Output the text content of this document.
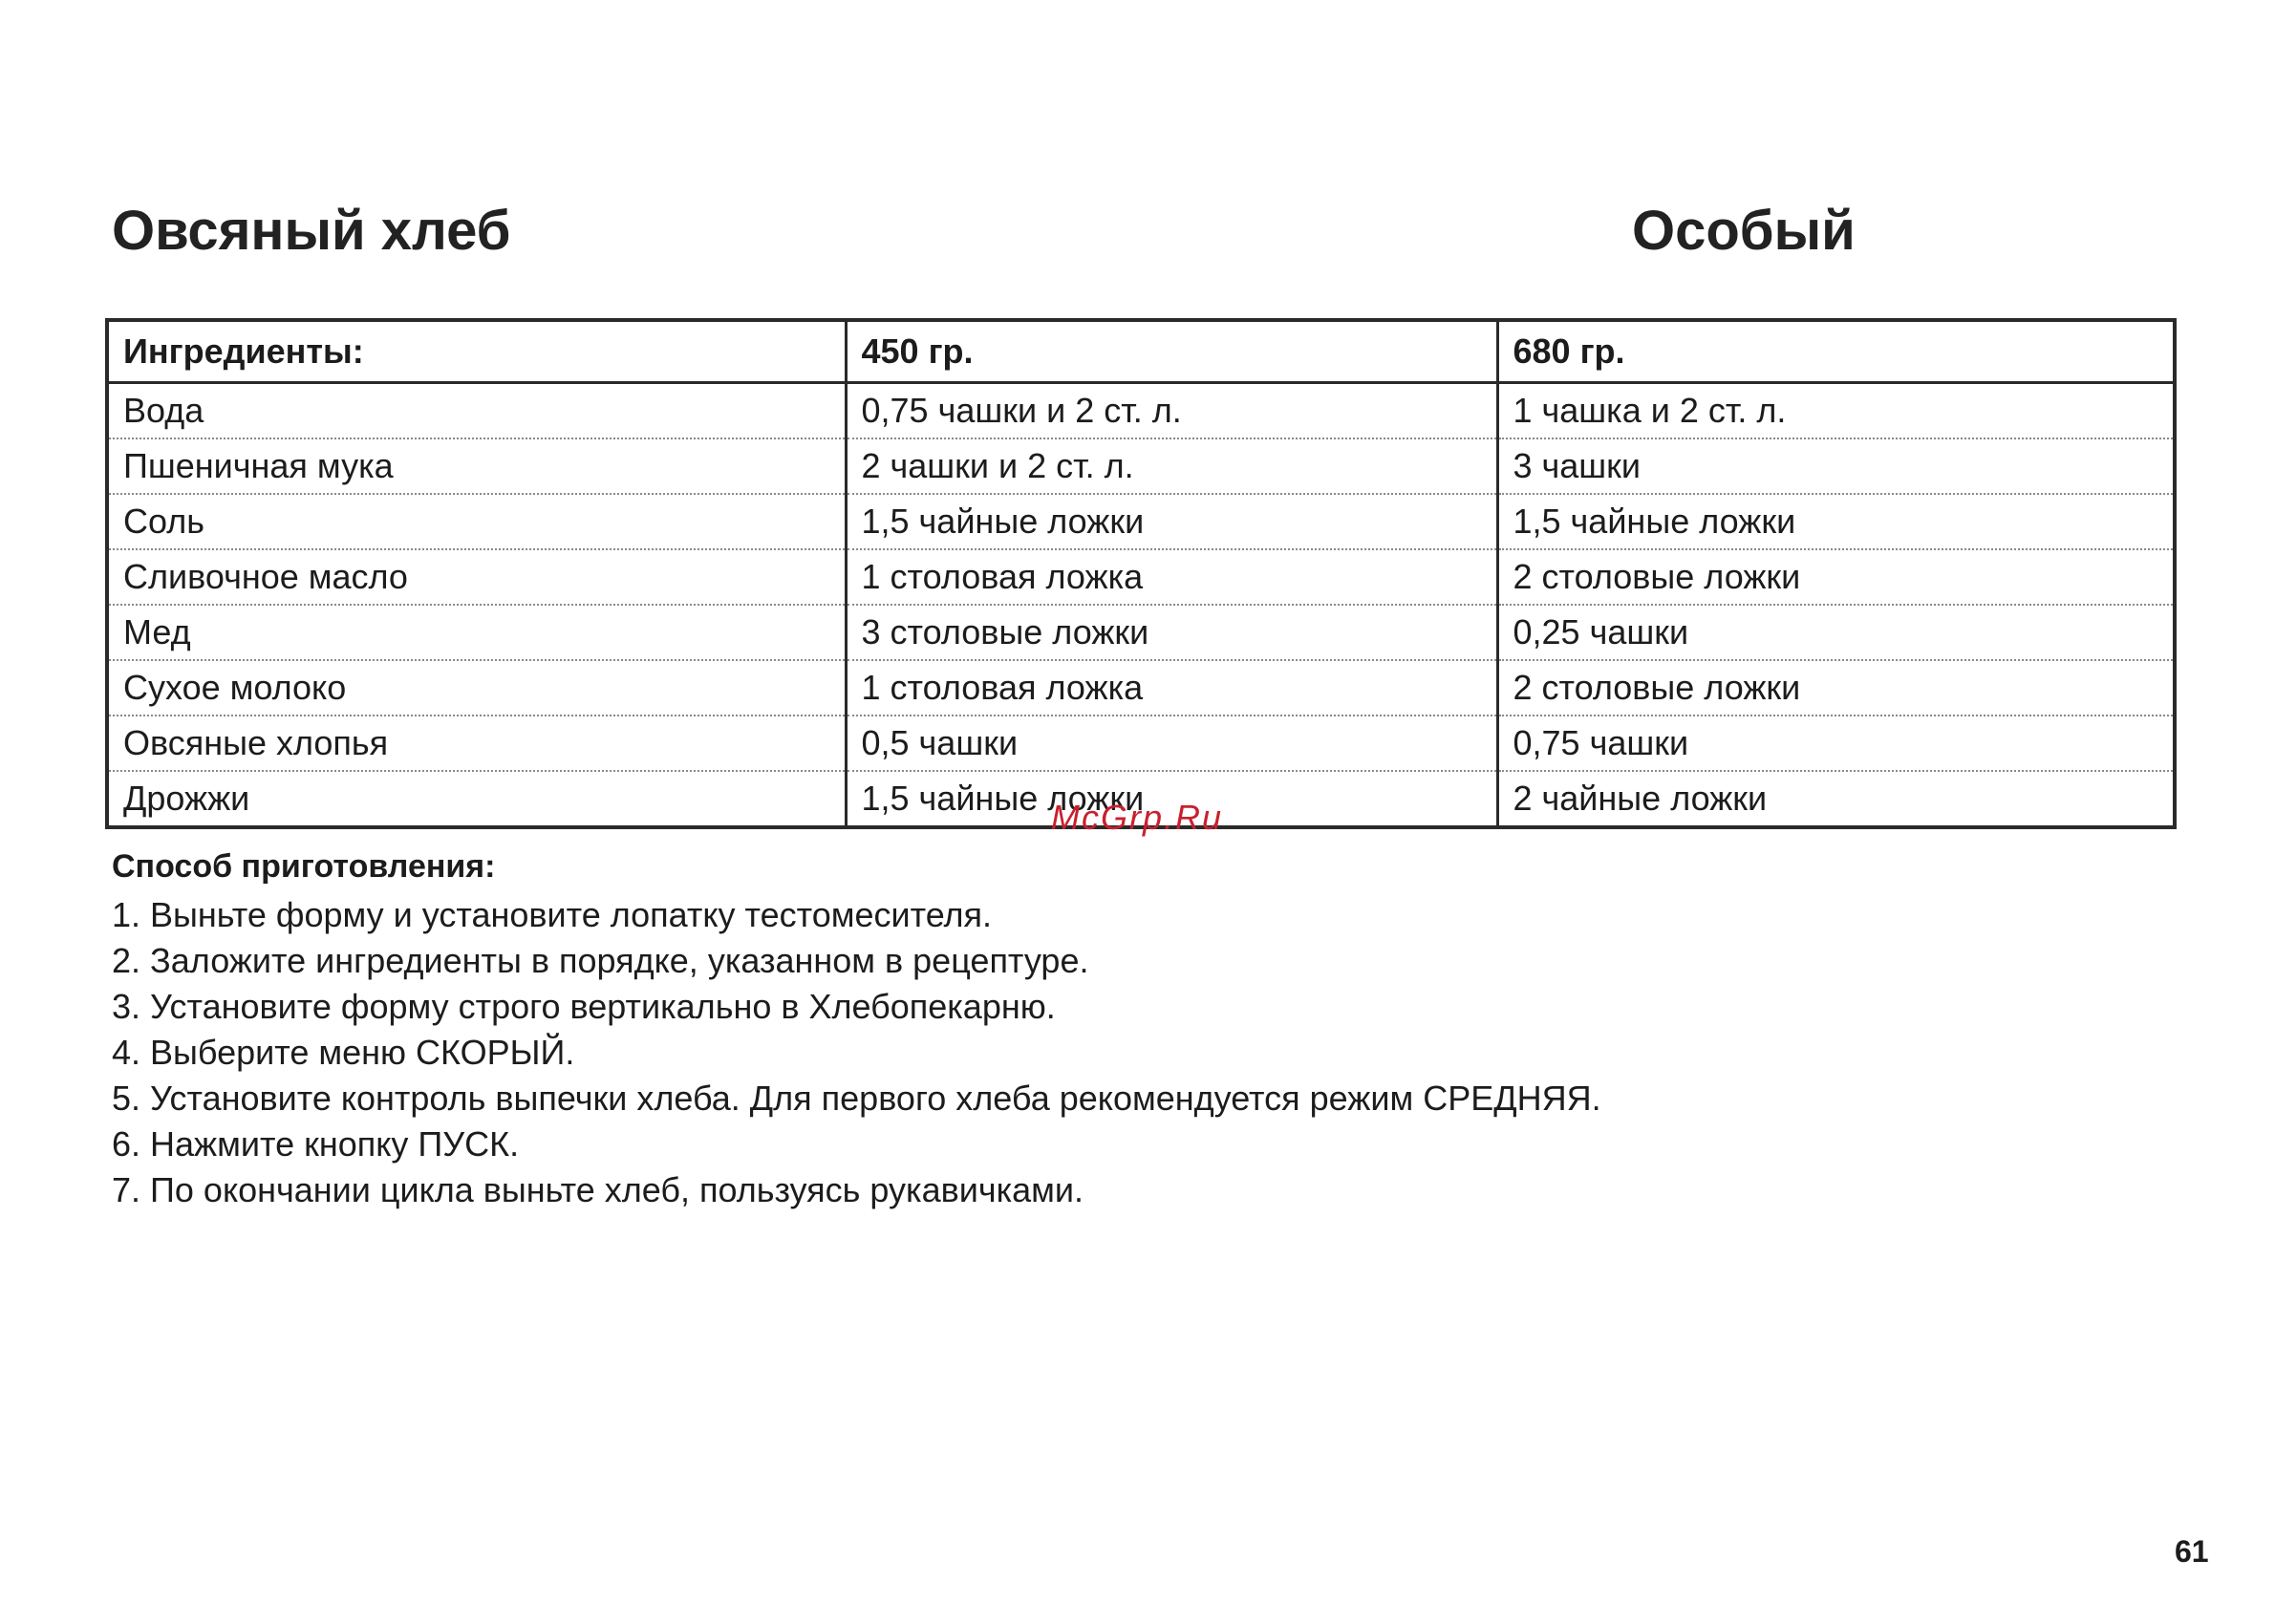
Овсяный хлеб	Особый
Ингредиенты:	450 гр.	680 гр.
Вода	0,75 чашки и 2 ст. л.	1 чашка и 2 ст. л.
Пшеничная мука	2 чашки и 2 ст. л.	3 чашки
Соль	1,5 чайные ложки	1,5 чайные ложки
Сливочное масло	1 столовая ложка	2 столовые ложки
Мед	3 столовые ложки	0,25 чашки
Сухое молоко	1 столовая ложка	2 столовые ложки
Овсяные хлопья	0,5 чашки	0,75 чашки
Дрожжи	1,5 чайные ложки	2 чайные ложки
McGrp.Ru
Способ приготовления:
1. Выньте форму и установите лопатку тестомесителя.
2. Заложите ингредиенты в порядке, указанном в рецептуре.
3. Установите форму строго вертикально в Хлебопекарню.
4. Выберите меню СКОРЫЙ.
5. Установите контроль выпечки хлеба. Для первого хлеба рекомендуется режим СРЕДНЯЯ.
6. Нажмите кнопку ПУСК.
7. По окончании цикла выньте хлеб, пользуясь рукавичками.
61
